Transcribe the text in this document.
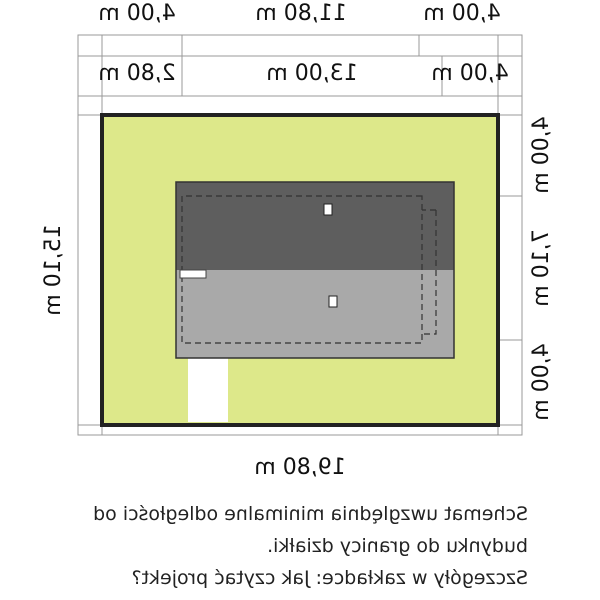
4,00 m
11,80 m
4,00 m
4,00 m
13,00 m
2,80 m
19,80 m
4,00 m
7,10 m
4,00 m
15,10 m
Schemat uwzględnia minimalne odległości od
budynku do granicy działki.
Szczegóły w zakładce: Jak czytać projekt?
